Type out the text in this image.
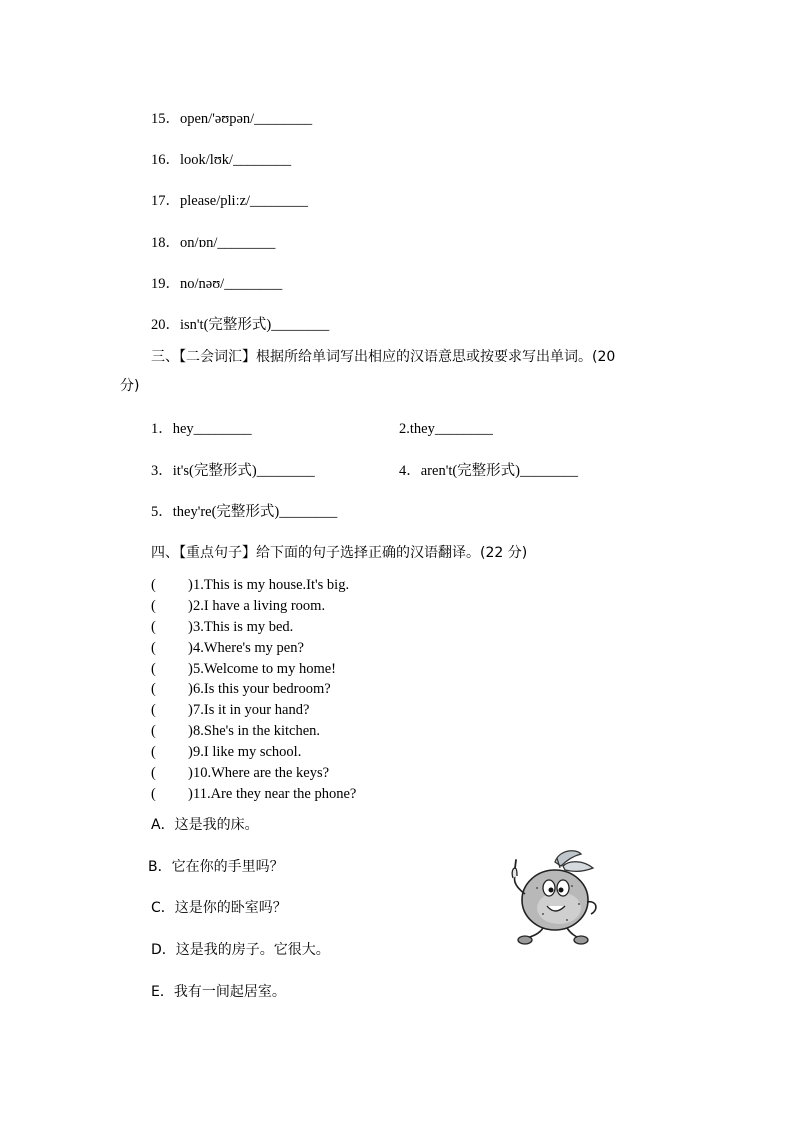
15．open/'əʊpən/________
16．look/lʊk/________
17．please/pliːz/________
18．on/ɒn/________
19．no/nəʊ/________
20．isn't(完整形式)________
三、【二会词汇】根据所给单词写出相应的汉语意思或按要求写出单词。(20
分)
1．hey________	2.they________
3．it's(完整形式)________	4．aren't(完整形式)________
5．they're(完整形式)________
四、【重点句子】给下面的句子选择正确的汉语翻译。(22 分)
( ) 1.This is my house.It's big.
( ) 2.I have a living room.
( ) 3.This is my bed.
( ) 4.Where's my pen?
( ) 5.Welcome to my home!
( ) 6.Is this your bedroom?
( ) 7.Is it in your hand?
( ) 8.She's in the kitchen.
( ) 9.I like my school.
( ) 10.Where are the keys?
( ) 11.Are they near the phone?
A．这是我的床。
B．它在你的手里吗？
C．这是你的卧室吗？
D．这是我的房子。它很大。
E．我有一间起居室。
